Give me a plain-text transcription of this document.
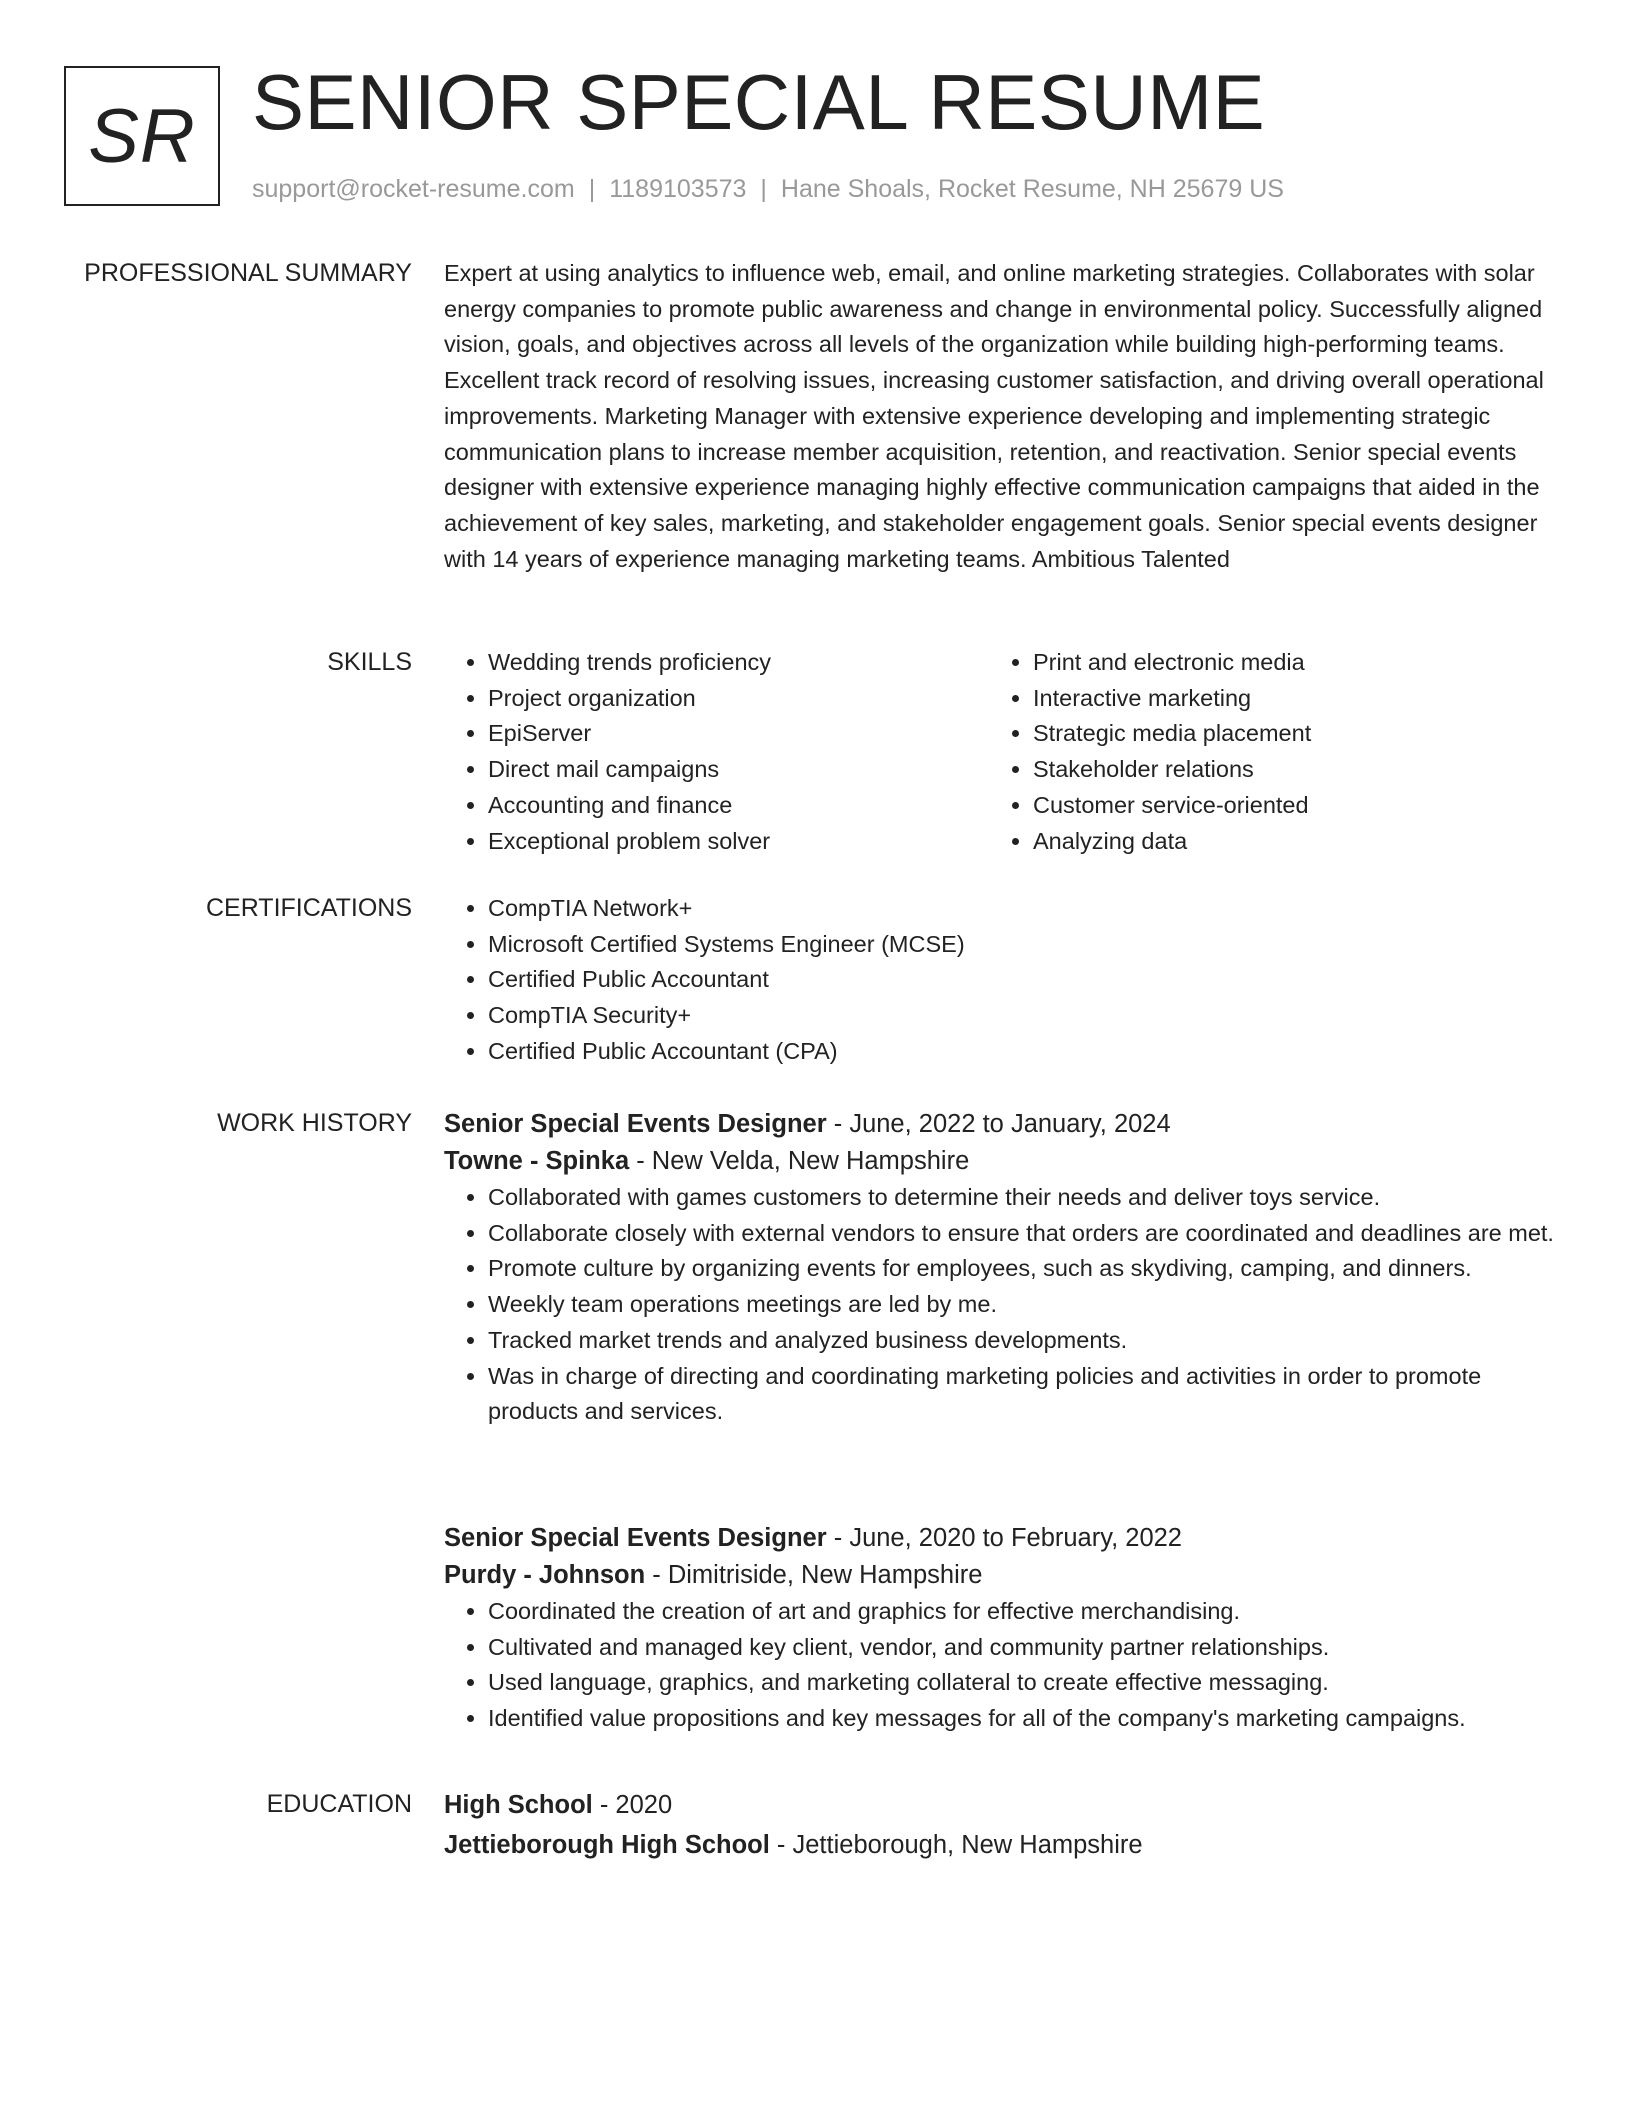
SR SENIOR SPECIAL RESUME
support@rocket-resume.com | 1189103573 | Hane Shoals, Rocket Resume, NH 25679 US
PROFESSIONAL SUMMARY Expert at using analytics to influence web, email, and online marketing strategies. Collaborates with solar energy companies to promote public awareness and change in environmental policy. Successfully aligned vision, goals, and objectives across all levels of the organization while building high-performing teams. Excellent track record of resolving issues, increasing customer satisfaction, and driving overall operational improvements. Marketing Manager with extensive experience developing and implementing strategic communication plans to increase member acquisition, retention, and reactivation. Senior special events designer with extensive experience managing highly effective communication campaigns that aided in the achievement of key sales, marketing, and stakeholder engagement goals. Senior special events designer with 14 years of experience managing marketing teams. Ambitious Talented

SKILLS	• Wedding trends proficiency
• Project organization
• EpiServer
• Direct mail campaigns
• Accounting and finance
• Exceptional problem solver
• Print and electronic media
• Interactive marketing
• Strategic media placement
• Stakeholder relations
• Customer service-oriented
• Analyzing data
CERTIFICATIONS	• CompTIA Network+
• Microsoft Certified Systems Engineer (MCSE)
• Certified Public Accountant
• CompTIA Security+
• Certified Public Accountant (CPA)
WORK HISTORY Senior Special Events Designer - June, 2022 to January, 2024
Towne - Spinka - New Velda, New Hampshire
• Collaborated with games customers to determine their needs and deliver toys service.
• Collaborate closely with external vendors to ensure that orders are coordinated and deadlines are met.
• Promote culture by organizing events for employees, such as skydiving, camping, and dinners.
• Weekly team operations meetings are led by me.
• Tracked market trends and analyzed business developments.
• Was in charge of directing and coordinating marketing policies and activities in order to promote products and services.
Senior Special Events Designer - June, 2020 to February, 2022
Purdy - Johnson - Dimitriside, New Hampshire
• Coordinated the creation of art and graphics for effective merchandising.
• Cultivated and managed key client, vendor, and community partner relationships.
• Used language, graphics, and marketing collateral to create effective messaging.
• Identified value propositions and key messages for all of the company's marketing campaigns.
EDUCATION High School - 2020
Jettieborough High School - Jettieborough, New Hampshire
